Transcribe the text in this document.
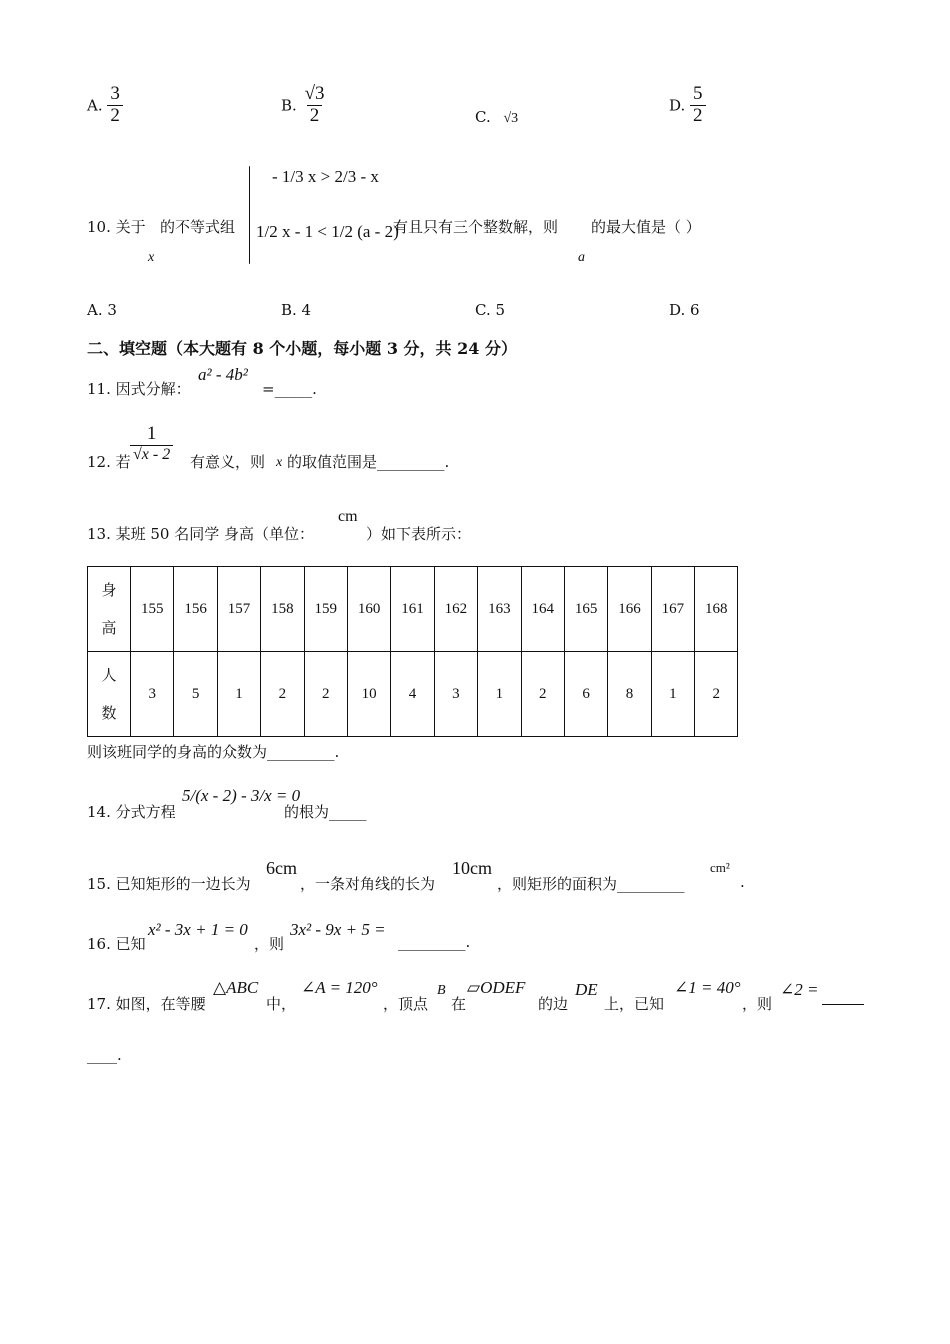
A. $\frac{3}{2}$	B. $\frac{√3}{2}$	C. √3
D. $\frac{5}{2}$
10. 关于 的不等式组
x
- 1/3 x > 2/3 - x
1/2 x - 1 < 1/2 (a - 2)
有且只有三个整数解，则
a
的最大值是（ ）
A. 3	B. 4	C. 5	D. 6
二、填空题（本大题有 8 个小题，每小题 3 分，共 24 分）
11. 因式分解：
a² - 4b²
=_____.
12. 若 $\frac{1}{√x - 2}$ 有意义，则 x 的取值范围是_________.
13. 某班 50 名同学 身高（单位：
cm
）如下表所示：
身
高	155	156	157	158	159	160	161	162	163	164	165	166	167	168
人
数	3	5	1	2	2	10	4	3	1	2	6	8	1	2
则该班同学的身高的众数为_________.
14. 分式方程
5/(x - 2) - 3/x = 0
的根为_____
15. 已知矩形的一边长为
6cm
，一条对角线的长为
10cm
，则矩形的面积为_________
cm²
.
16. 已知
x² - 3x + 1 = 0
，则
3x² - 9x + 5 =
_________.
17. 如图，在等腰
△ABC
中，
∠A = 120°
，顶点
B
在
▱ODEF
的边
DE
上，已知
∠1 = 40°
，则
∠2 =
____.
